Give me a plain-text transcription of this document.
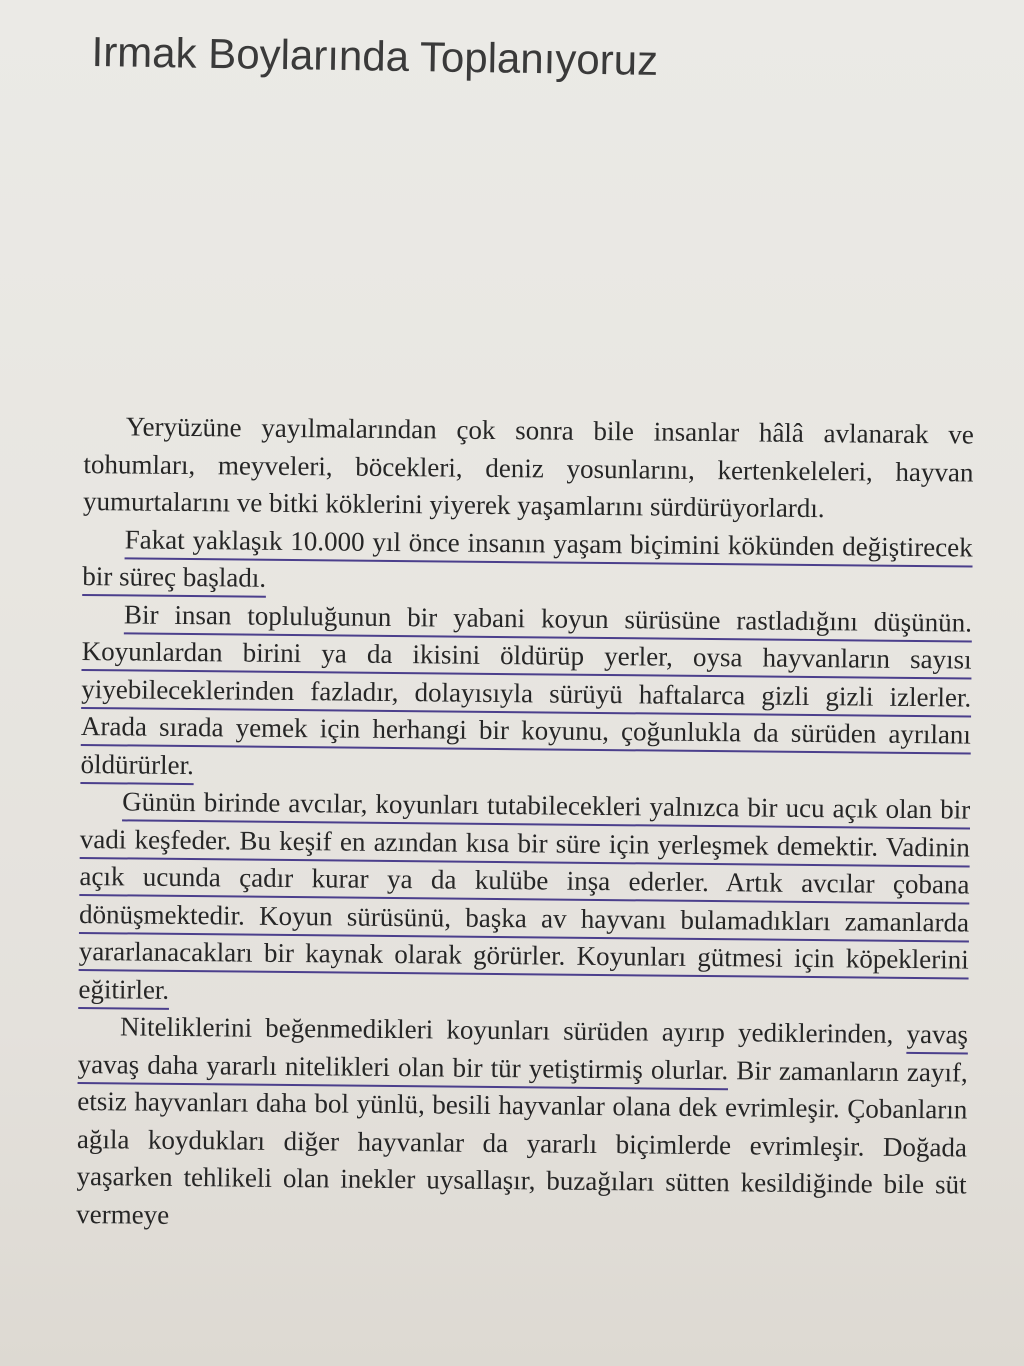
Irmak Boylarında Toplanıyoruz

Yeryüzüne yayılmalarından çok sonra bile insanlar hâlâ avlanarak ve tohumları, meyveleri, böcekleri, deniz yosunlarını, kertenkeleleri, hayvan yumurtalarını ve bitki köklerini yiyerek yaşamlarını sürdürüyorlardı.

Fakat yaklaşık 10.000 yıl önce insanın yaşam biçimini kökünden değiştirecek bir süreç başladı.

Bir insan topluluğunun bir yabani koyun sürüsüne rastladığını düşünün. Koyunlardan birini ya da ikisini öldürüp yerler, oysa hayvanların sayısı yiyebileceklerinden fazladır, dolayısıyla sürüyü haftalarca gizli gizli izlerler. Arada sırada yemek için herhangi bir koyunu, çoğunlukla da sürüden ayrılanı öldürürler.

Günün birinde avcılar, koyunları tutabilecekleri yalnızca bir ucu açık olan bir vadi keşfeder. Bu keşif en azından kısa bir süre için yerleşmek demektir. Vadinin açık ucunda çadır kurar ya da kulübe inşa ederler. Artık avcılar çobana dönüşmektedir. Koyun sürüsünü, başka av hayvanı bulamadıkları zamanlarda yararlanacakları bir kaynak olarak görürler. Koyunları gütmesi için köpeklerini eğitirler.

Niteliklerini beğenmedikleri koyunları sürüden ayırıp yediklerinden, yavaş yavaş daha yararlı nitelikleri olan bir tür yetiştirmiş olurlar. Bir zamanların zayıf, etsiz hayvanları daha bol yünlü, besili hayvanlar olana dek evrimleşir. Çobanların ağıla koydukları diğer hayvanlar da yararlı biçimlerde evrimleşir. Doğada yaşarken tehlikeli olan inekler uysallaşır, buzağıları sütten kesildiğinde bile süt vermeye
